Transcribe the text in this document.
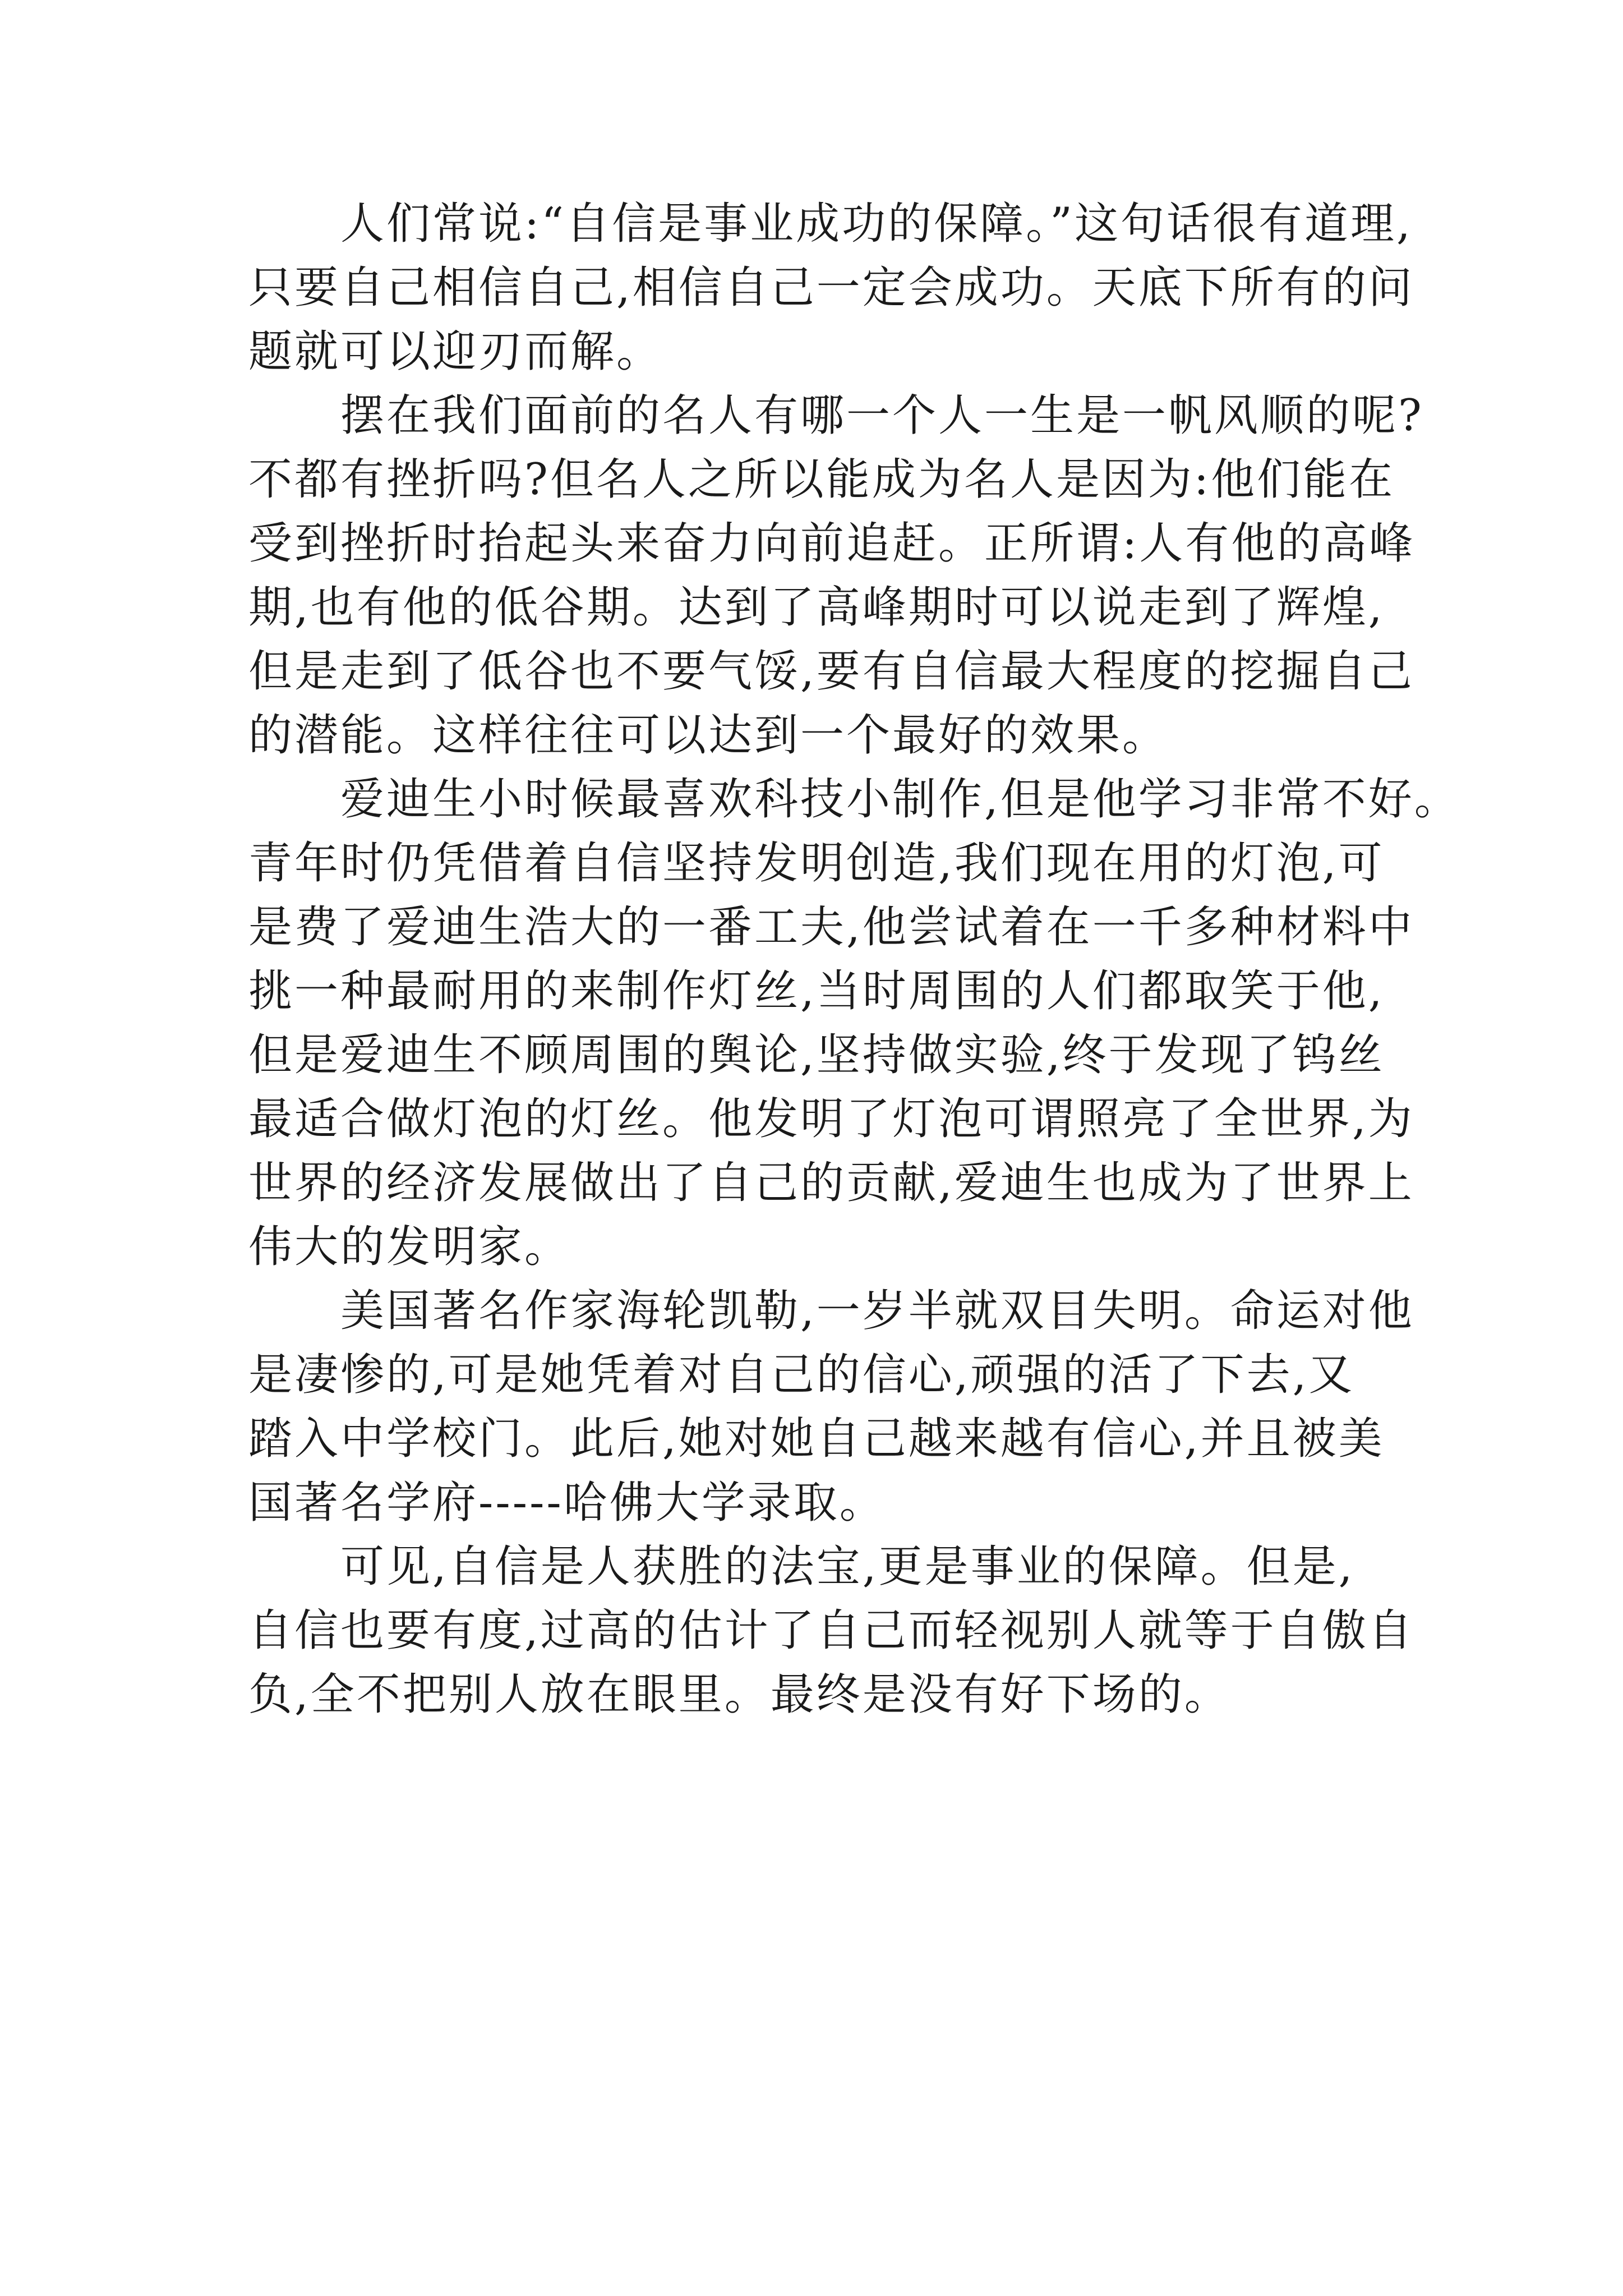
人们常说:“自信是事业成功的保障。”这句话很有道理,
只要自己相信自己,相信自己一定会成功。天底下所有的问
题就可以迎刃而解。
摆在我们面前的名人有哪一个人一生是一帆风顺的呢?
不都有挫折吗?但名人之所以能成为名人是因为:他们能在
受到挫折时抬起头来奋力向前追赶。正所谓:人有他的高峰
期,也有他的低谷期。达到了高峰期时可以说走到了辉煌,
但是走到了低谷也不要气馁,要有自信最大程度的挖掘自己
的潜能。这样往往可以达到一个最好的效果。
爱迪生小时候最喜欢科技小制作,但是他学习非常不好。
青年时仍凭借着自信坚持发明创造,我们现在用的灯泡,可
是费了爱迪生浩大的一番工夫,他尝试着在一千多种材料中
挑一种最耐用的来制作灯丝,当时周围的人们都取笑于他,
但是爱迪生不顾周围的舆论,坚持做实验,终于发现了钨丝
最适合做灯泡的灯丝。他发明了灯泡可谓照亮了全世界,为
世界的经济发展做出了自己的贡献,爱迪生也成为了世界上
伟大的发明家。
美国著名作家海轮凯勒,一岁半就双目失明。命运对他
是凄惨的,可是她凭着对自己的信心,顽强的活了下去,又
踏入中学校门。此后,她对她自己越来越有信心,并且被美
国著名学府-----哈佛大学录取。
可见,自信是人获胜的法宝,更是事业的保障。但是,
自信也要有度,过高的估计了自己而轻视别人就等于自傲自
负,全不把别人放在眼里。最终是没有好下场的。
